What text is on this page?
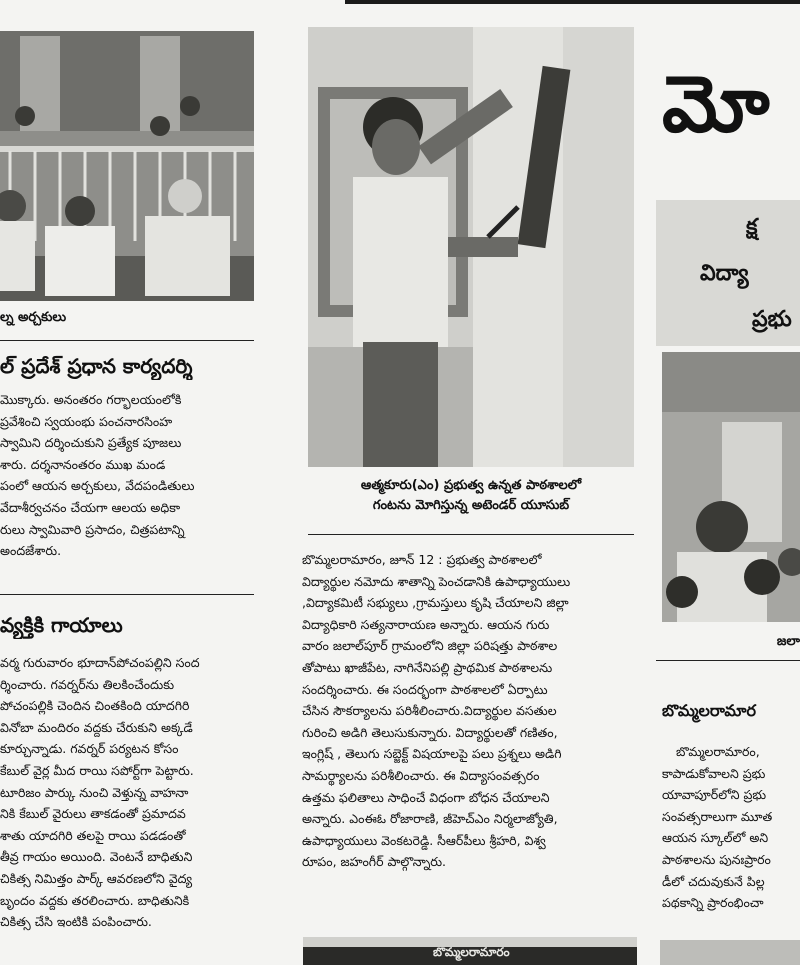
ల్న అర్చకులు
ల్ ప్రదేశ్ ప్రధాన కార్యదర్శి

మొక్కారు. అనంతరం గర్భాలయంలోకి

ప్రవేశించి స్వయంభు పంచనారసింహ

స్వామిని దర్శించుకుని ప్రత్యేక పూజలు

శారు. దర్శనానంతరం ముఖ మండ

పంలో ఆయన అర్చకులు, వేదపండితులు

వేదాశీర్వచనం చేయగా ఆలయ అధికా

రులు స్వామివారి ప్రసాదం, చిత్రపటాన్ని

అందజేశారు.

వ్యక్తికి గాయాలు

వర్మ గురువారం భూదాన్‌పోచంపల్లిని సంద

ర్శించారు. గవర్నర్‌ను తిలకించేందుకు

పోచంపల్లికి చెందిన చింతకింది యాదగిరి

వినోబా మందిరం వద్దకు చేరుకుని అక్కడే

కూర్చున్నాడు. గవర్నర్ పర్యటన కోసం

కేబుల్ వైర్ల మీద రాయి సపోర్ట్‌గా పెట్టారు.

టూరిజం పార్కు నుంచి వెళ్తున్న వాహనా

నికి కేబుల్ వైరులు తాకడంతో ప్రమాదవ

శాతు యాదగిరి తలపై రాయి పడడంతో

తీవ్ర గాయం అయింది. వెంటనే బాధితుని

చికిత్స నిమిత్తం పార్క్ ఆవరణలోని వైద్య

బృందం వద్దకు తరలించారు. బాధితునికి

చికిత్స చేసి ఇంటికి పంపించారు.

ఆత్మకూరు(ఎం) ప్రభుత్వ ఉన్నత పాఠశాలలో
గంటను మోగిస్తున్న అటెండర్ యూసుబ్

బొమ్మలరామారం, జూన్ 12 : ప్రభుత్వ పాఠశాలలో

విద్యార్థుల నమోదు శాతాన్ని పెంచడానికి ఉపాధ్యాయులు

,విద్యాకమిటీ సభ్యులు ,గ్రామస్తులు కృషి చేయాలని జిల్లా

విద్యాధికారి సత్యనారాయణ అన్నారు. ఆయన గురు

వారం జలాల్‌పూర్ గ్రామంలోని జిల్లా పరిషత్తు పాఠశాల

తోపాటు ఖాజీపేట, నాగినేనిపల్లి ప్రాథమిక పాఠశాలను

సందర్శించారు. ఈ సందర్భంగా పాఠశాలలో ఏర్పాటు

చేసిన సౌకర్యాలను పరిశీలించారు.విద్యార్థుల వసతుల

గురించి అడిగి తెలుసుకున్నారు. విద్యార్థులతో గణితం,

ఇంగ్లిష్ , తెలుగు సబ్జెక్ట్ విషయాలపై పలు ప్రశ్నలు అడిగి

సామర్థ్యాలను పరిశీలించారు. ఈ విద్యాసంవత్సరం

ఉత్తమ ఫలితాలు సాధించే విధంగా బోధన చేయాలని

అన్నారు. ఎంఈఓ రోజారాణి, జీహెచ్‌ఎం నిర్మలాజ్యోతి,

ఉపాధ్యాయులు వెంకటరెడ్డి. సీఆర్‌పీలు శ్రీహరి, విశ్వ

రూపం, జహంగీర్ పాల్గొన్నారు.

బొమ్మలరామారం
మో
క్ష
విద్యా
ప్రభు
జలా
బొమ్మలరామార

బొమ్మలరామారం,

కాపాడుకోవాలని ప్రభు

యావాపూర్‌లోని ప్రభు

సంవత్సరాలుగా మూత

ఆయన స్కూల్‌లో అని

పాఠశాలను పునఃప్రారం

డీలో చదువుకునే పిల్ల

పథకాన్ని ప్రారంభించా
